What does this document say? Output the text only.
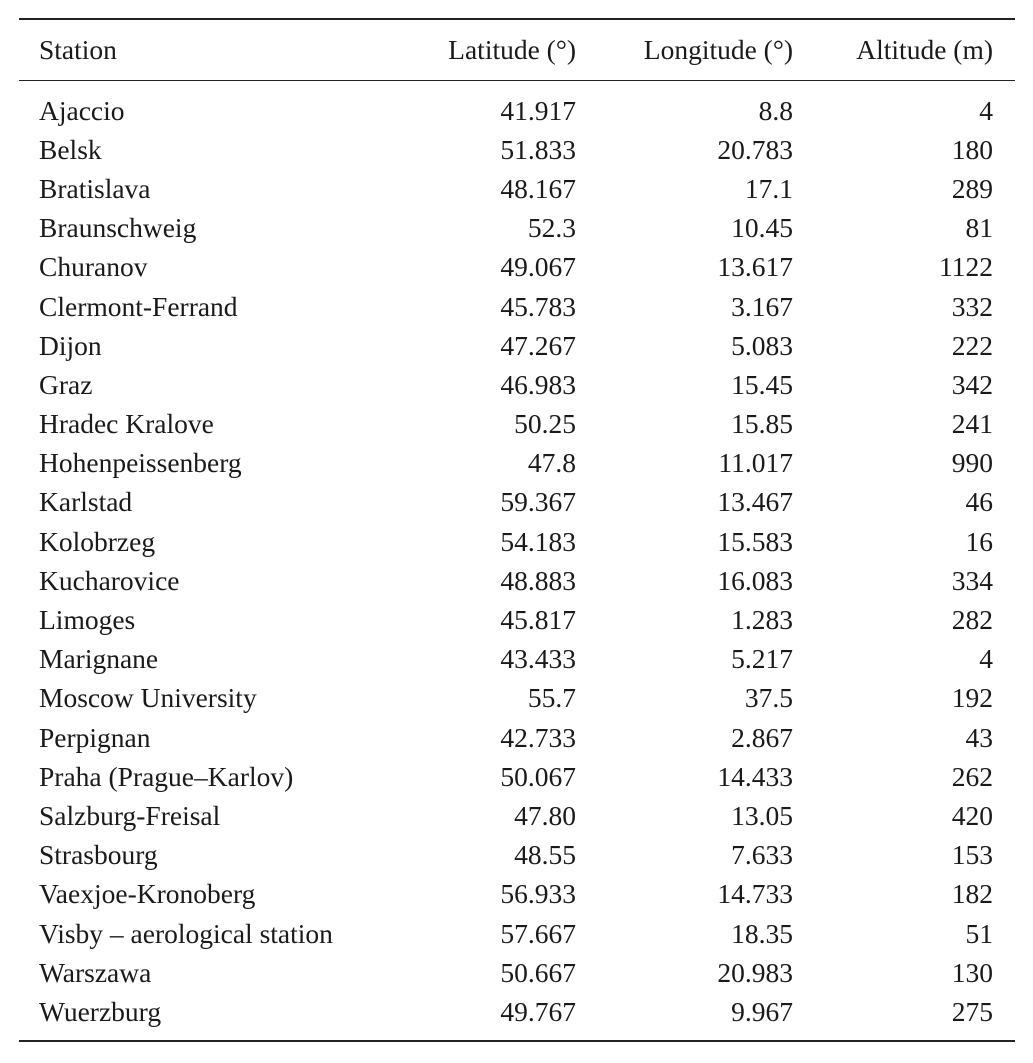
Station	Latitude (°)	Longitude (°)	Altitude (m)
Ajaccio	41.917	8.8	4
Belsk	51.833	20.783	180
Bratislava	48.167	17.1	289
Braunschweig	52.3	10.45	81
Churanov	49.067	13.617	1122
Clermont-Ferrand	45.783	3.167	332
Dijon	47.267	5.083	222
Graz	46.983	15.45	342
Hradec Kralove	50.25	15.85	241
Hohenpeissenberg	47.8	11.017	990
Karlstad	59.367	13.467	46
Kolobrzeg	54.183	15.583	16
Kucharovice	48.883	16.083	334
Limoges	45.817	1.283	282
Marignane	43.433	5.217	4
Moscow University	55.7	37.5	192
Perpignan	42.733	2.867	43
Praha (Prague–Karlov)	50.067	14.433	262
Salzburg-Freisal	47.80	13.05	420
Strasbourg	48.55	7.633	153
Vaexjoe-Kronoberg	56.933	14.733	182
Visby – aerological station	57.667	18.35	51
Warszawa	50.667	20.983	130
Wuerzburg	49.767	9.967	275
